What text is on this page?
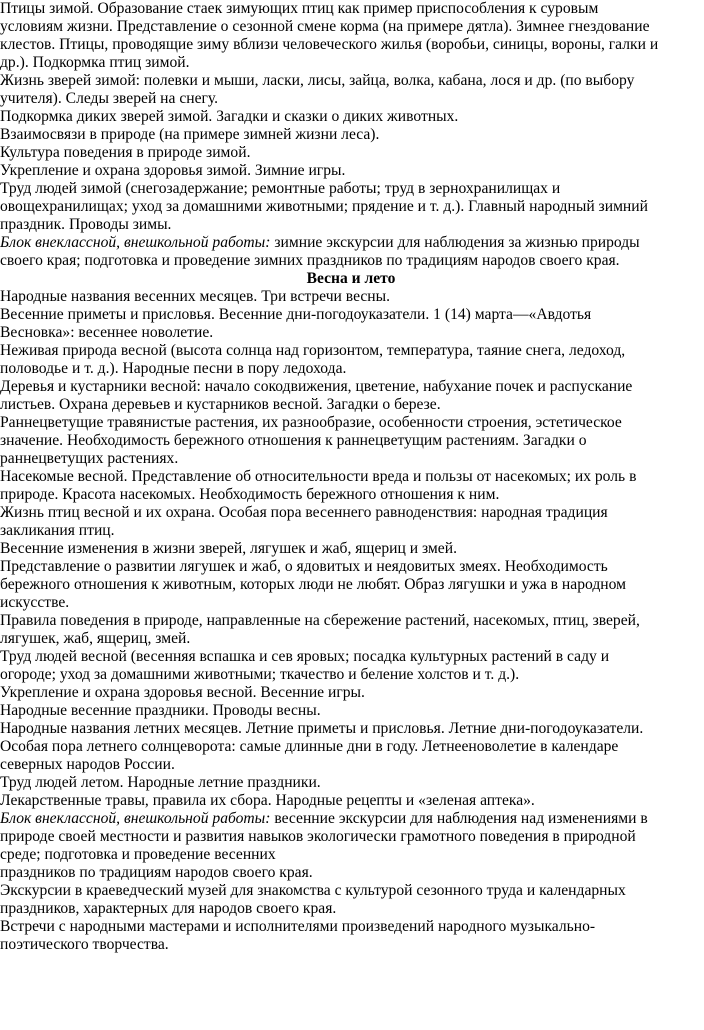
Птицы зимой. Образование стаек зимующих птиц как пример приспособления к суровым
условиям жизни. Представление о сезонной смене корма (на примере дятла). Зимнее гнездование
клестов. Птицы, проводящие зиму вблизи человеческого жилья (воробьи, синицы, вороны, галки и
др.). Подкормка птиц зимой.
Жизнь зверей зимой: полевки и мыши, ласки, лисы, зайца, волка, кабана, лося и др. (по выбору
учителя). Следы зверей на снегу.
Подкормка диких зверей зимой. Загадки и сказки о диких животных.
Взаимосвязи в природе (на примере зимней жизни леса).
Культура поведения в природе зимой.
Укрепление и охрана здоровья зимой. Зимние игры.
Труд людей зимой (снегозадержание; ремонтные работы; труд в зернохранилищах и
овощехранилищах; уход за домашними животными; прядение и т. д.). Главный народный зимний
праздник. Проводы зимы.
Блок внеклассной, внешкольной работы: зимние экскурсии для наблюдения за жизнью природы
своего края; подготовка и проведение зимних праздников по традициям народов своего края.
Весна и лето
Народные названия весенних месяцев. Три встречи весны.
Весенние приметы и присловья. Весенние дни-погодоуказатели. 1 (14) марта—«Авдотья
Весновка»: весеннее новолетие.
Неживая природа весной (высота солнца над горизонтом, температура, таяние снега, ледоход,
половодье и т. д.). Народные песни в пору ледохода.
Деревья и кустарники весной: начало сокодвижения, цветение, набухание почек и распускание
листьев. Охрана деревьев и кустарников весной. Загадки о березе.
Раннецветущие травянистые растения, их разнообразие, особенности строения, эстетическое
значение. Необходимость бережного отношения к раннецветущим растениям. Загадки о
раннецветущих растениях.
Насекомые весной. Представление об относительности вреда и пользы от насекомых; их роль в
природе. Красота насекомых. Необходимость бережного отношения к ним.
Жизнь птиц весной и их охрана. Особая пора весеннего равноденствия: народная традиция
закликания птиц.
Весенние изменения в жизни зверей, лягушек и жаб, ящериц и змей.
Представление о развитии лягушек и жаб, о ядовитых и неядовитых змеях. Необходимость
бережного отношения к животным, которых люди не любят. Образ лягушки и ужа в народном
искусстве.
Правила поведения в природе, направленные на сбережение растений, насекомых, птиц, зверей,
лягушек, жаб, ящериц, змей.
Труд людей весной (весенняя вспашка и сев яровых; посадка культурных растений в саду и
огороде; уход за домашними животными; ткачество и беление холстов и т. д.).
Укрепление и охрана здоровья весной. Весенние игры.
Народные весенние праздники. Проводы весны.
Народные названия летних месяцев. Летние приметы и присловья. Летние дни-погодоуказатели.
Особая пора летнего солнцеворота: самые длинные дни в году. Летнееноволетие в календаре
северных народов России.
Труд людей летом. Народные летние праздники.
Лекарственные травы, правила их сбора. Народные рецепты и «зеленая аптека».
Блок внеклассной, внешкольной работы: весенние экскурсии для наблюдения над изменениями в
природе своей местности и развития навыков экологически грамотного поведения в природной
среде; подготовка и проведение весенних
праздников по традициям народов своего края.
Экскурсии в краеведческий музей для знакомства с культурой сезонного труда и календарных
праздников, характерных для народов своего края.
Встречи с народными мастерами и исполнителями произведений народного музыкально-
поэтического творчества.
